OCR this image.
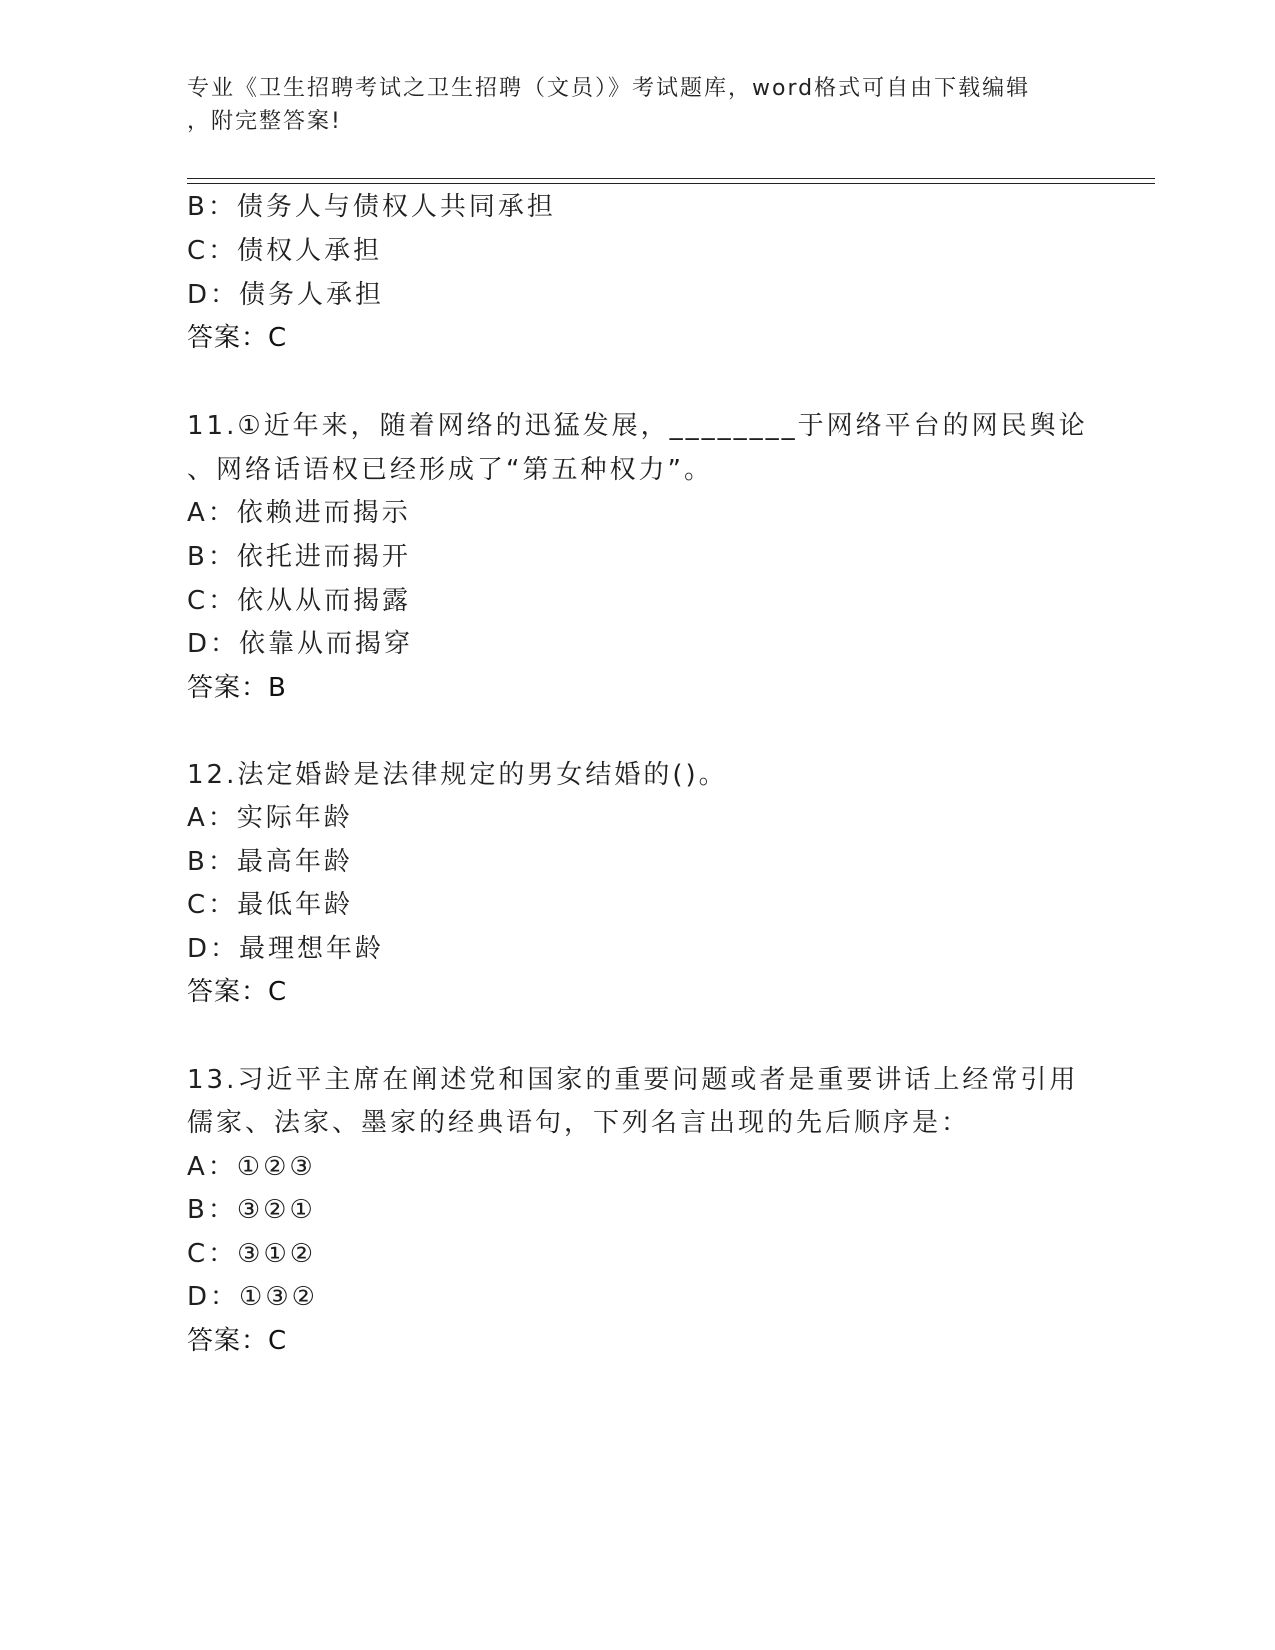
专业《卫生招聘考试之卫生招聘（文员）》考试题库，word格式可自由下载编辑
，附完整答案!
B：债务人与债权人共同承担
C：债权人承担
D：债务人承担
答案：C
11.①近年来，随着网络的迅猛发展，________于网络平台的网民舆论
、网络话语权已经形成了“第五种权力”。
A：依赖进而揭示
B：依托进而揭开
C：依从从而揭露
D：依靠从而揭穿
答案：B
12.法定婚龄是法律规定的男女结婚的()。
A：实际年龄
B：最高年龄
C：最低年龄
D：最理想年龄
答案：C
13.习近平主席在阐述党和国家的重要问题或者是重要讲话上经常引用
儒家、法家、墨家的经典语句，下列名言出现的先后顺序是：
A：①②③
B：③②①
C：③①②
D：①③②
答案：C
